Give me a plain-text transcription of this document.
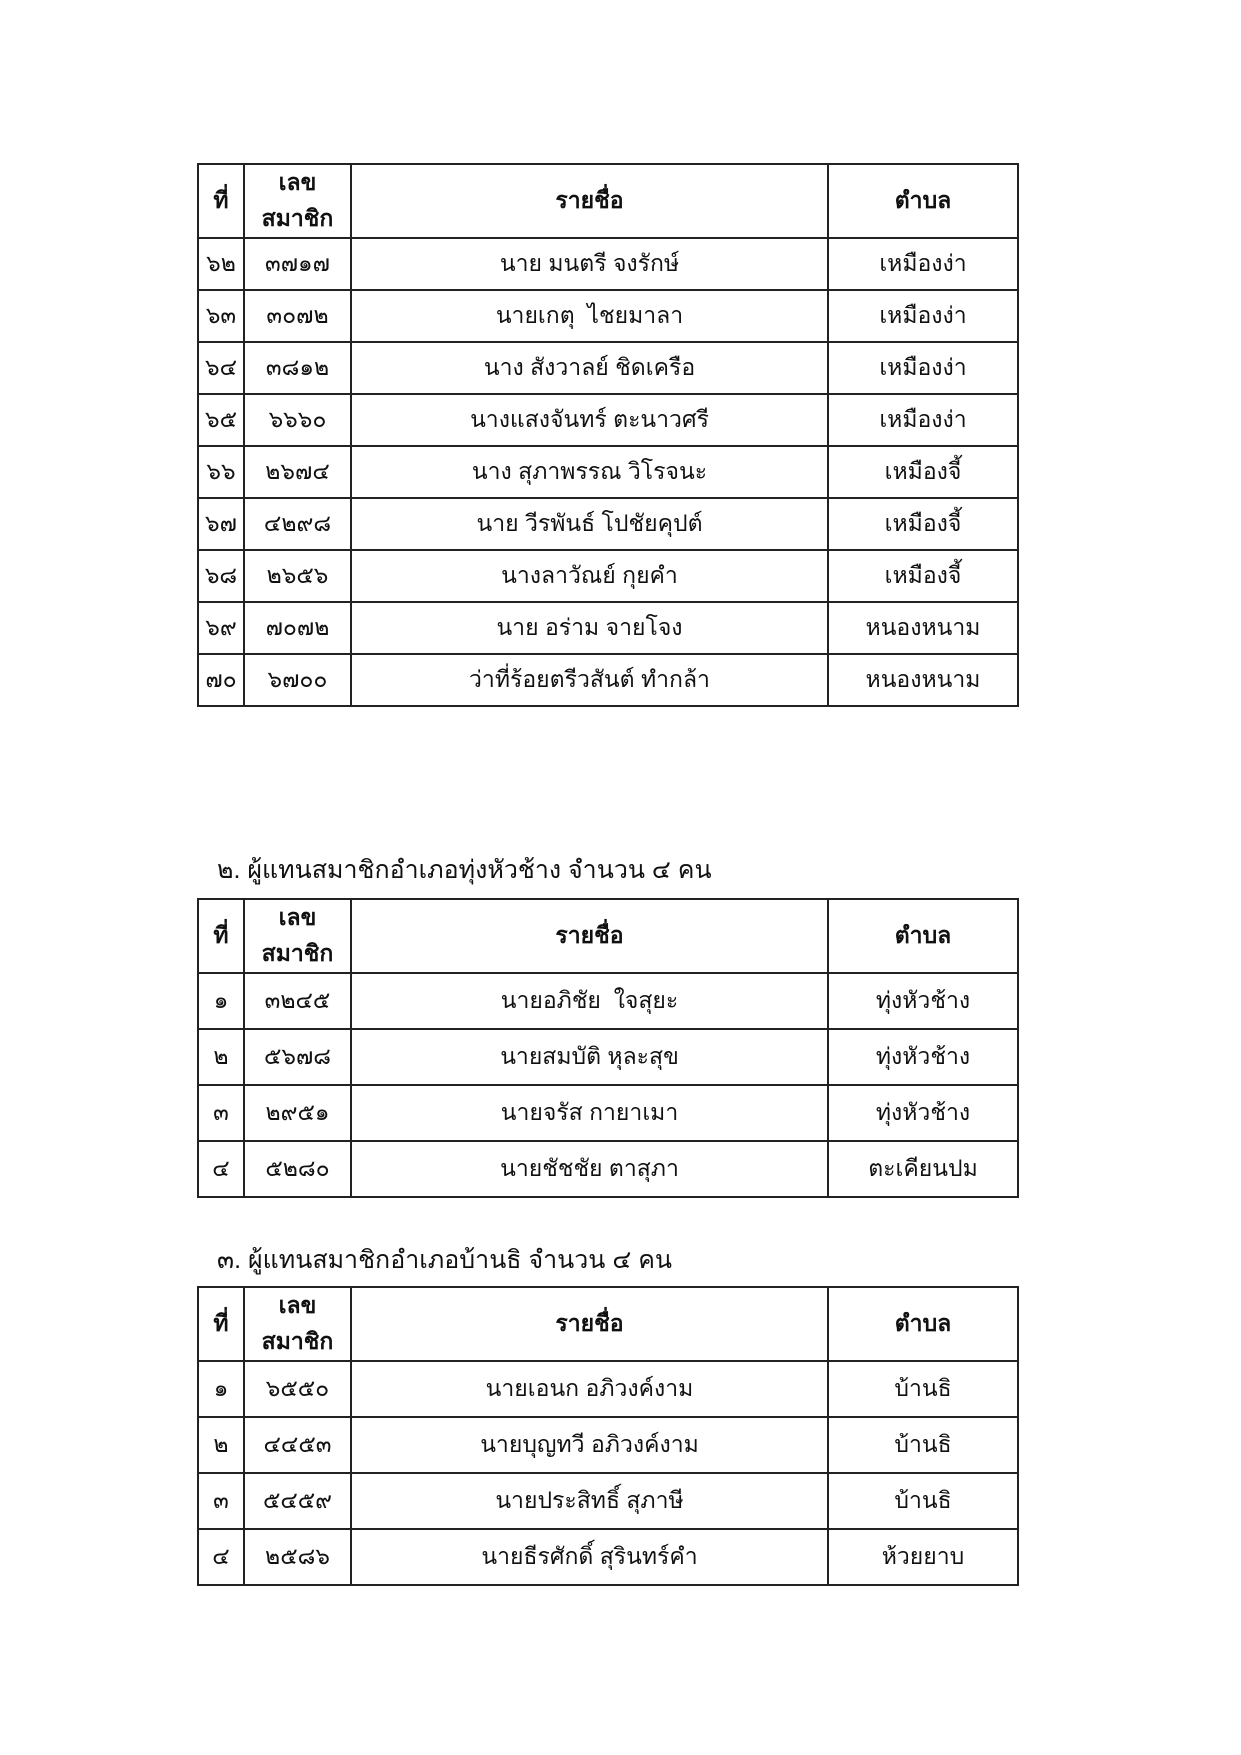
ที่	เลขสมาชิก	รายชื่อ	ตำบล
๖๒	๓๗๑๗	นาย มนตรี จงรักษ์	เหมืองง่า
๖๓	๓๐๗๒	นายเกตุ  ไชยมาลา	เหมืองง่า
๖๔	๓๘๑๒	นาง สังวาลย์ ชิดเครือ	เหมืองง่า
๖๕	๖๖๖๐	นางแสงจันทร์ ตะนาวศรี	เหมืองง่า
๖๖	๒๖๗๔	นาง สุภาพรรณ วิโรจนะ	เหมืองจี้
๖๗	๔๒๙๘	นาย วีรพันธ์ โปชัยคุปต์	เหมืองจี้
๖๘	๒๖๕๖	นางลาวัณย์ กุยคำ	เหมืองจี้
๖๙	๗๐๗๒	นาย อร่าม จายโจง	หนองหนาม
๗๐	๖๗๐๐	ว่าที่ร้อยตรีวสันต์ ทำกล้า	หนองหนาม
๒. ผู้แทนสมาชิกอำเภอทุ่งหัวช้าง จำนวน ๔ คน
ที่	เลขสมาชิก	รายชื่อ	ตำบล
๑	๓๒๔๕	นายอภิชัย  ใจสุยะ	ทุ่งหัวช้าง
๒	๕๖๗๘	นายสมบัติ หุละสุข	ทุ่งหัวช้าง
๓	๒๙๕๑	นายจรัส กายาเมา	ทุ่งหัวช้าง
๔	๕๒๘๐	นายชัชชัย ตาสุภา	ตะเคียนปม
๓. ผู้แทนสมาชิกอำเภอบ้านธิ จำนวน ๔ คน
ที่	เลขสมาชิก	รายชื่อ	ตำบล
๑	๖๕๕๐	นายเอนก อภิวงค์งาม	บ้านธิ
๒	๔๔๕๓	นายบุญทวี อภิวงค์งาม	บ้านธิ
๓	๕๔๕๙	นายประสิทธิ์ สุภาษี	บ้านธิ
๔	๒๕๘๖	นายธีรศักดิ์ สุรินทร์คำ	ห้วยยาบ
